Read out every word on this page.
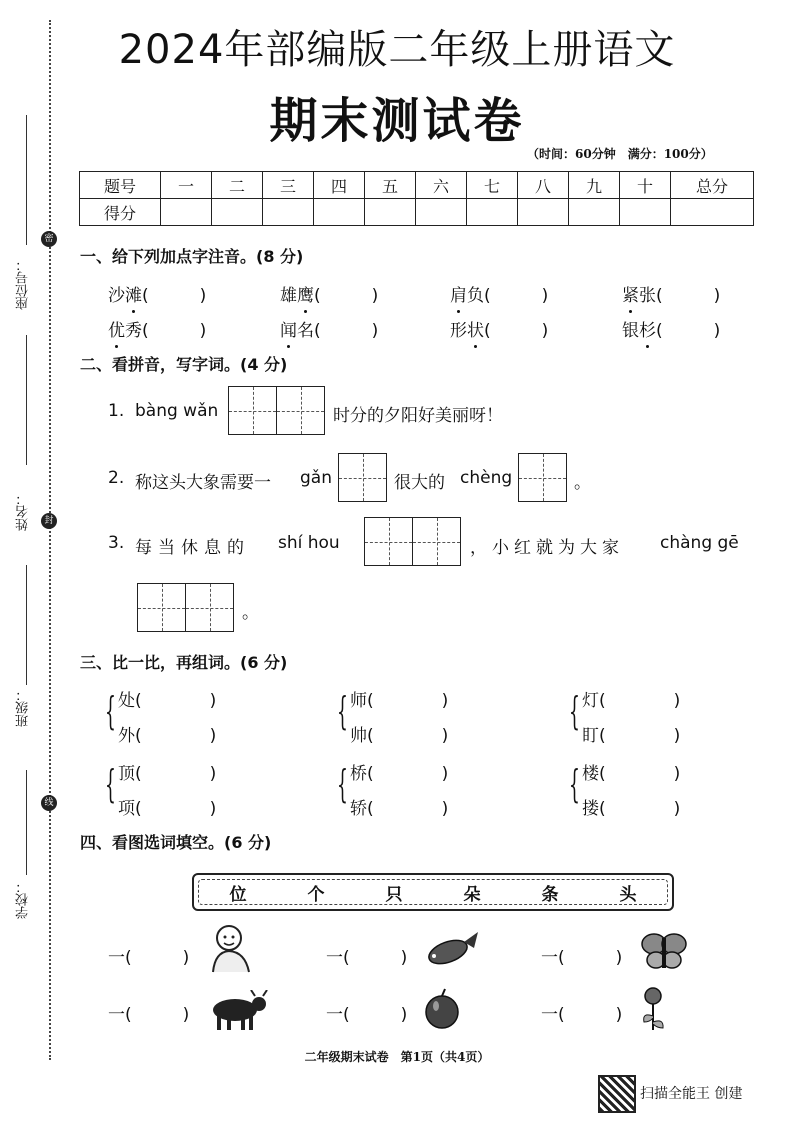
密
封
线
座位号：
姓名：
班级：
学校：
2024年部编版二年级上册语文
期末测试卷
（时间：60分钟　满分：100分）
题号	一	二	三	四	五	六	七	八	九	十	总分
得分											
一、给下列加点字注音。(8 分)
沙滩(　　　)	雄鹰(　　　)	肩负(　　　)	紧张(　　　)
优秀(　　　)	闻名(　　　)	形状(　　　)	银杉(　　　)
二、看拼音，写字词。(4 分)
1. bàng wǎn	时分的夕阳好美丽呀！
2. 称这头大象需要一 gǎn	很大的 chèng	。
3. 每当休息的 shí hou	，小红就为大家 chàng gē
。
三、比一比，再组词。(6 分)
{ 处(　　　　)
外(　　　　)
{ 师(　　　　)
帅(　　　　)
{ 灯(　　　　)
盯(　　　　)
{ 顶(　　　　)
项(　　　　)
{ 桥(　　　　)
轿(　　　　)
{ 楼(　　　　)
搂(　　　　)
四、看图选词填空。(6 分)
位	个	只	朵	条	头
一(　　　)	一(　　　)	一(　　　)
一(　　　)	一(　　　)	一(　　　)
二年级期末试卷　第1页（共4页）
扫描全能王 创建
